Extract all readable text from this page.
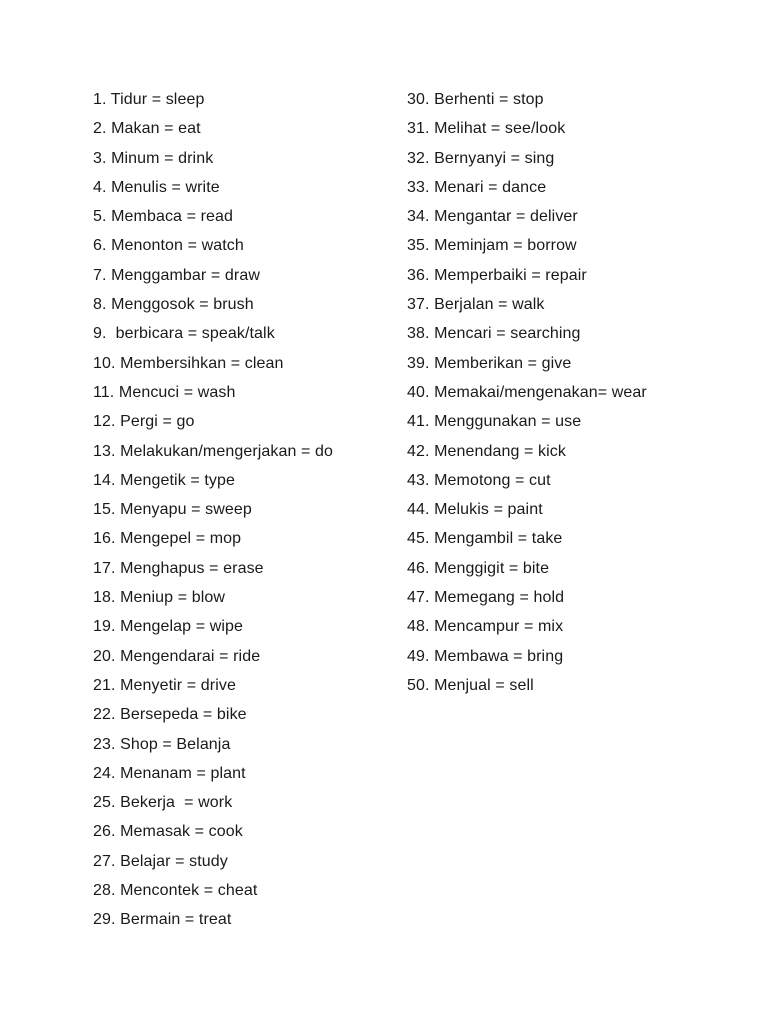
1. Tidur = sleep
2. Makan = eat
3. Minum = drink
4. Menulis = write
5. Membaca = read
6. Menonton = watch
7. Menggambar = draw
8. Menggosok = brush
9.  berbicara = speak/talk
10. Membersihkan = clean
11. Mencuci = wash
12. Pergi = go
13. Melakukan/mengerjakan = do
14. Mengetik = type
15. Menyapu = sweep
16. Mengepel = mop
17. Menghapus = erase
18. Meniup = blow
19. Mengelap = wipe
20. Mengendarai = ride
21. Menyetir = drive
22. Bersepeda = bike
23. Shop = Belanja
24. Menanam = plant
25. Bekerja  = work
26. Memasak = cook
27. Belajar = study
28. Mencontek = cheat
29. Bermain = treat
30. Berhenti = stop
31. Melihat = see/look
32. Bernyanyi = sing
33. Menari = dance
34. Mengantar = deliver
35. Meminjam = borrow
36. Memperbaiki = repair
37. Berjalan = walk
38. Mencari = searching
39. Memberikan = give
40. Memakai/mengenakan= wear
41. Menggunakan = use
42. Menendang = kick
43. Memotong = cut
44. Melukis = paint
45. Mengambil = take
46. Menggigit = bite
47. Memegang = hold
48. Mencampur = mix
49. Membawa = bring
50. Menjual = sell
